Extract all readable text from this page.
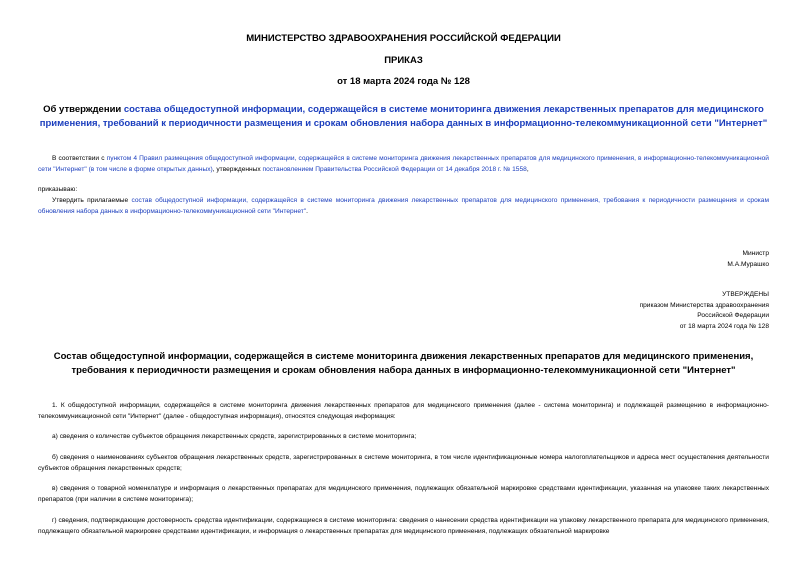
МИНИСТЕРСТВО ЗДРАВООХРАНЕНИЯ РОССИЙСКОЙ ФЕДЕРАЦИИ
ПРИКАЗ
от 18 марта 2024 года № 128
Об утверждении состава общедоступной информации, содержащейся в системе мониторинга движения лекарственных препаратов для медицинского применения, требований к периодичности размещения и срокам обновления набора данных в информационно-телекоммуникационной сети "Интернет"
В соответствии с пунктом 4 Правил размещения общедоступной информации, содержащейся в системе мониторинга движения лекарственных препаратов для медицинского применения, в информационно-телекоммуникационной сети "Интернет" (в том числе в форме открытых данных), утвержденных постановлением Правительства Российской Федерации от 14 декабря 2018 г. № 1558,
приказываю:
Утвердить прилагаемые состав общедоступной информации, содержащейся в системе мониторинга движения лекарственных препаратов для медицинского применения, требования к периодичности размещения и срокам обновления набора данных в информационно-телекоммуникационной сети "Интернет".
Министр
М.А.Мурашко
УТВЕРЖДЕНЫ
приказом Министерства здравоохранения
Российской Федерации
от 18 марта 2024 года № 128
Состав общедоступной информации, содержащейся в системе мониторинга движения лекарственных препаратов для медицинского применения, требования к периодичности размещения и срокам обновления набора данных в информационно-телекоммуникационной сети "Интернет"
1. К общедоступной информации, содержащейся в системе мониторинга движения лекарственных препаратов для медицинского применения (далее - система мониторинга) и подлежащей размещению в информационно-телекоммуникационной сети "Интернет" (далее - общедоступная информация), относятся следующая информация:
а) сведения о количестве субъектов обращения лекарственных средств, зарегистрированных в системе мониторинга;
б) сведения о наименованиях субъектов обращения лекарственных средств, зарегистрированных в системе мониторинга, в том числе идентификационные номера налогоплательщиков и адреса мест осуществления деятельности субъектов обращения лекарственных средств;
в) сведения о товарной номенклатуре и информация о лекарственных препаратах для медицинского применения, подлежащих обязательной маркировке средствами идентификации, указанная на упаковке таких лекарственных препаратов (при наличии в системе мониторинга);
г) сведения, подтверждающие достоверность средства идентификации, содержащиеся в системе мониторинга: сведения о нанесении средства идентификации на упаковку лекарственного препарата для медицинского применения, подлежащего обязательной маркировке средствами идентификации, и информация о лекарственных препаратах для медицинского применения, подлежащих обязательной маркировке
